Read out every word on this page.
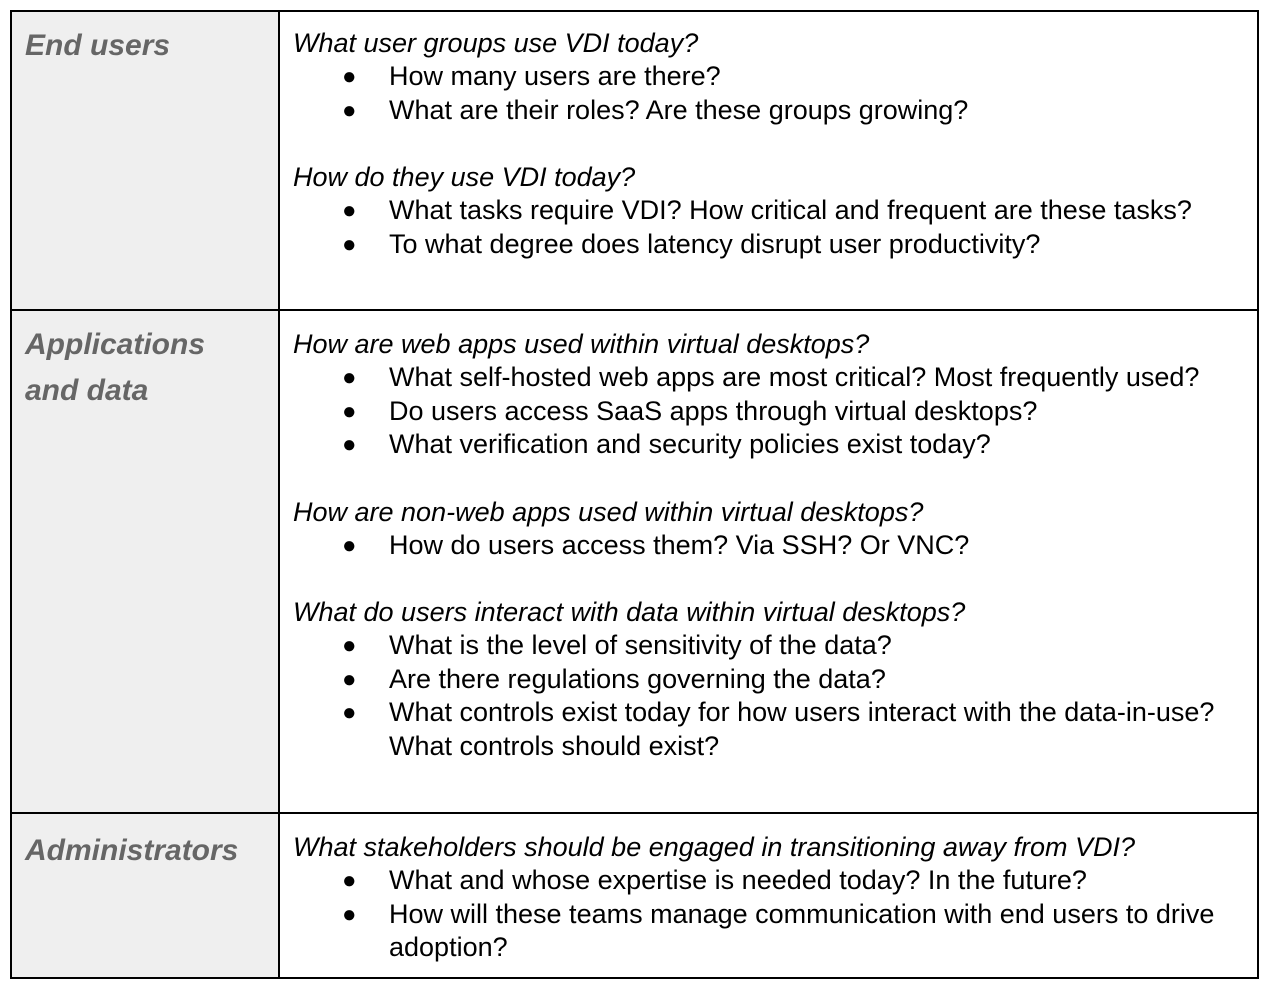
End users	What user groups use VDI today?

● How many users are there?
● What are their roles? Are these groups growing?

How do they use VDI today?

● What tasks require VDI? How critical and frequent are these tasks?
● To what degree does latency disrupt user productivity?
Applications and data

How are web apps used within virtual desktops?

● What self-hosted web apps are most critical? Most frequently used?
● Do users access SaaS apps through virtual desktops?
● What verification and security policies exist today?

How are non-web apps used within virtual desktops?

● How do users access them? Via SSH? Or VNC?

What do users interact with data within virtual desktops?

● What is the level of sensitivity of the data?
● Are there regulations governing the data?
● What controls exist today for how users interact with the data-in-use? What controls should exist?
Administrators	What stakeholders should be engaged in transitioning away from VDI?

● What and whose expertise is needed today? In the future?
● How will these teams manage communication with end users to drive adoption?
